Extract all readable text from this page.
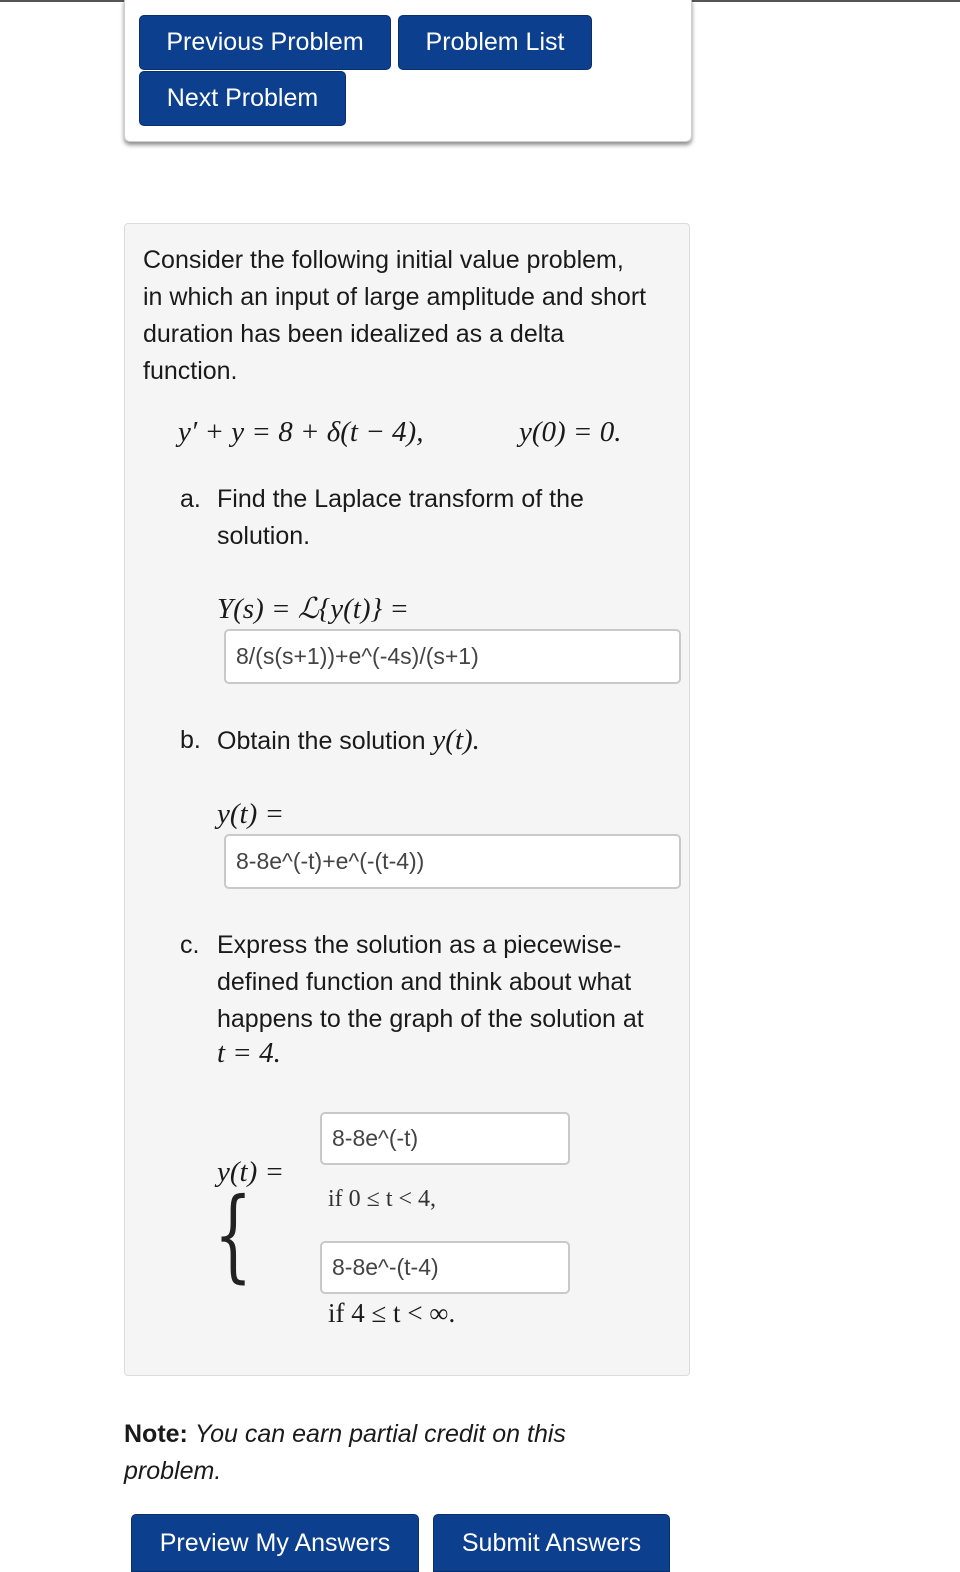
Previous Problem	Problem List
Next Problem
Consider the following initial value problem,
in which an input of large amplitude and short
duration has been idealized as a delta
function.
y′ + y = 8 + δ(t − 4),	y(0) = 0.
a. Find the Laplace transform of the
solution.
Y(s) = ℒ{y(t)} =
8/(s(s+1))+e^(-4s)/(s+1)
b. Obtain the solution y(t).
y(t) =
8-8e^(-t)+e^(-(t-4))
c. Express the solution as a piecewise-
defined function and think about what
happens to the graph of the solution at
t = 4.
y(t) =
{
8-8e^(-t)
8-8e^-(t-4)
if 4 ≤ t < ∞.
Note: You can earn partial credit on this
problem.
Preview My Answers	Submit Answers
